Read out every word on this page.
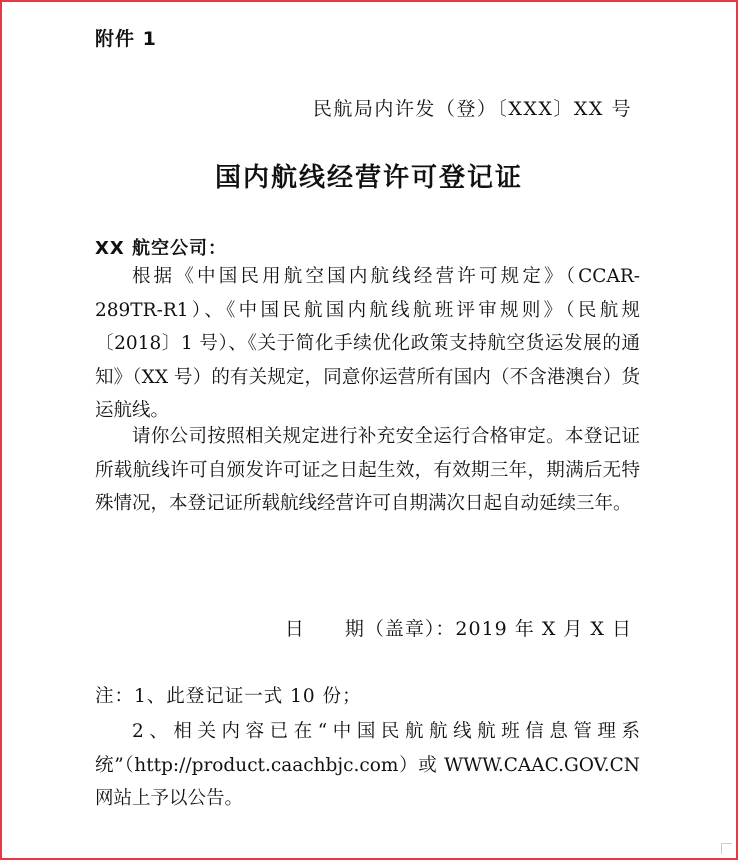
附件 1
民航局内许发（登）〔XXX〕XX 号
国内航线经营许可登记证
XX 航空公司：

根据《中国民用航空国内航线经营许可规定》（CCAR-289TR-R1）、《中国民航国内航线航班评审规则》（民航规〔2018〕1 号）、《关于简化手续优化政策支持航空货运发展的通知》（XX 号）的有关规定，同意你运营所有国内（不含港澳台）货运航线。

请你公司按照相关规定进行补充安全运行合格审定。本登记证所载航线许可自颁发许可证之日起生效，有效期三年，期满后无特殊情况，本登记证所载航线经营许可自期满次日起自动延续三年。

日　　期（盖章）：2019 年 X 月 X 日
注：1、此登记证一式 10 份；

2、相关内容已在“中国民航航线航班信息管理系统”（http://product.caachbjc.com）或 WWW.CAAC.GOV.CN 网站上予以公告。
